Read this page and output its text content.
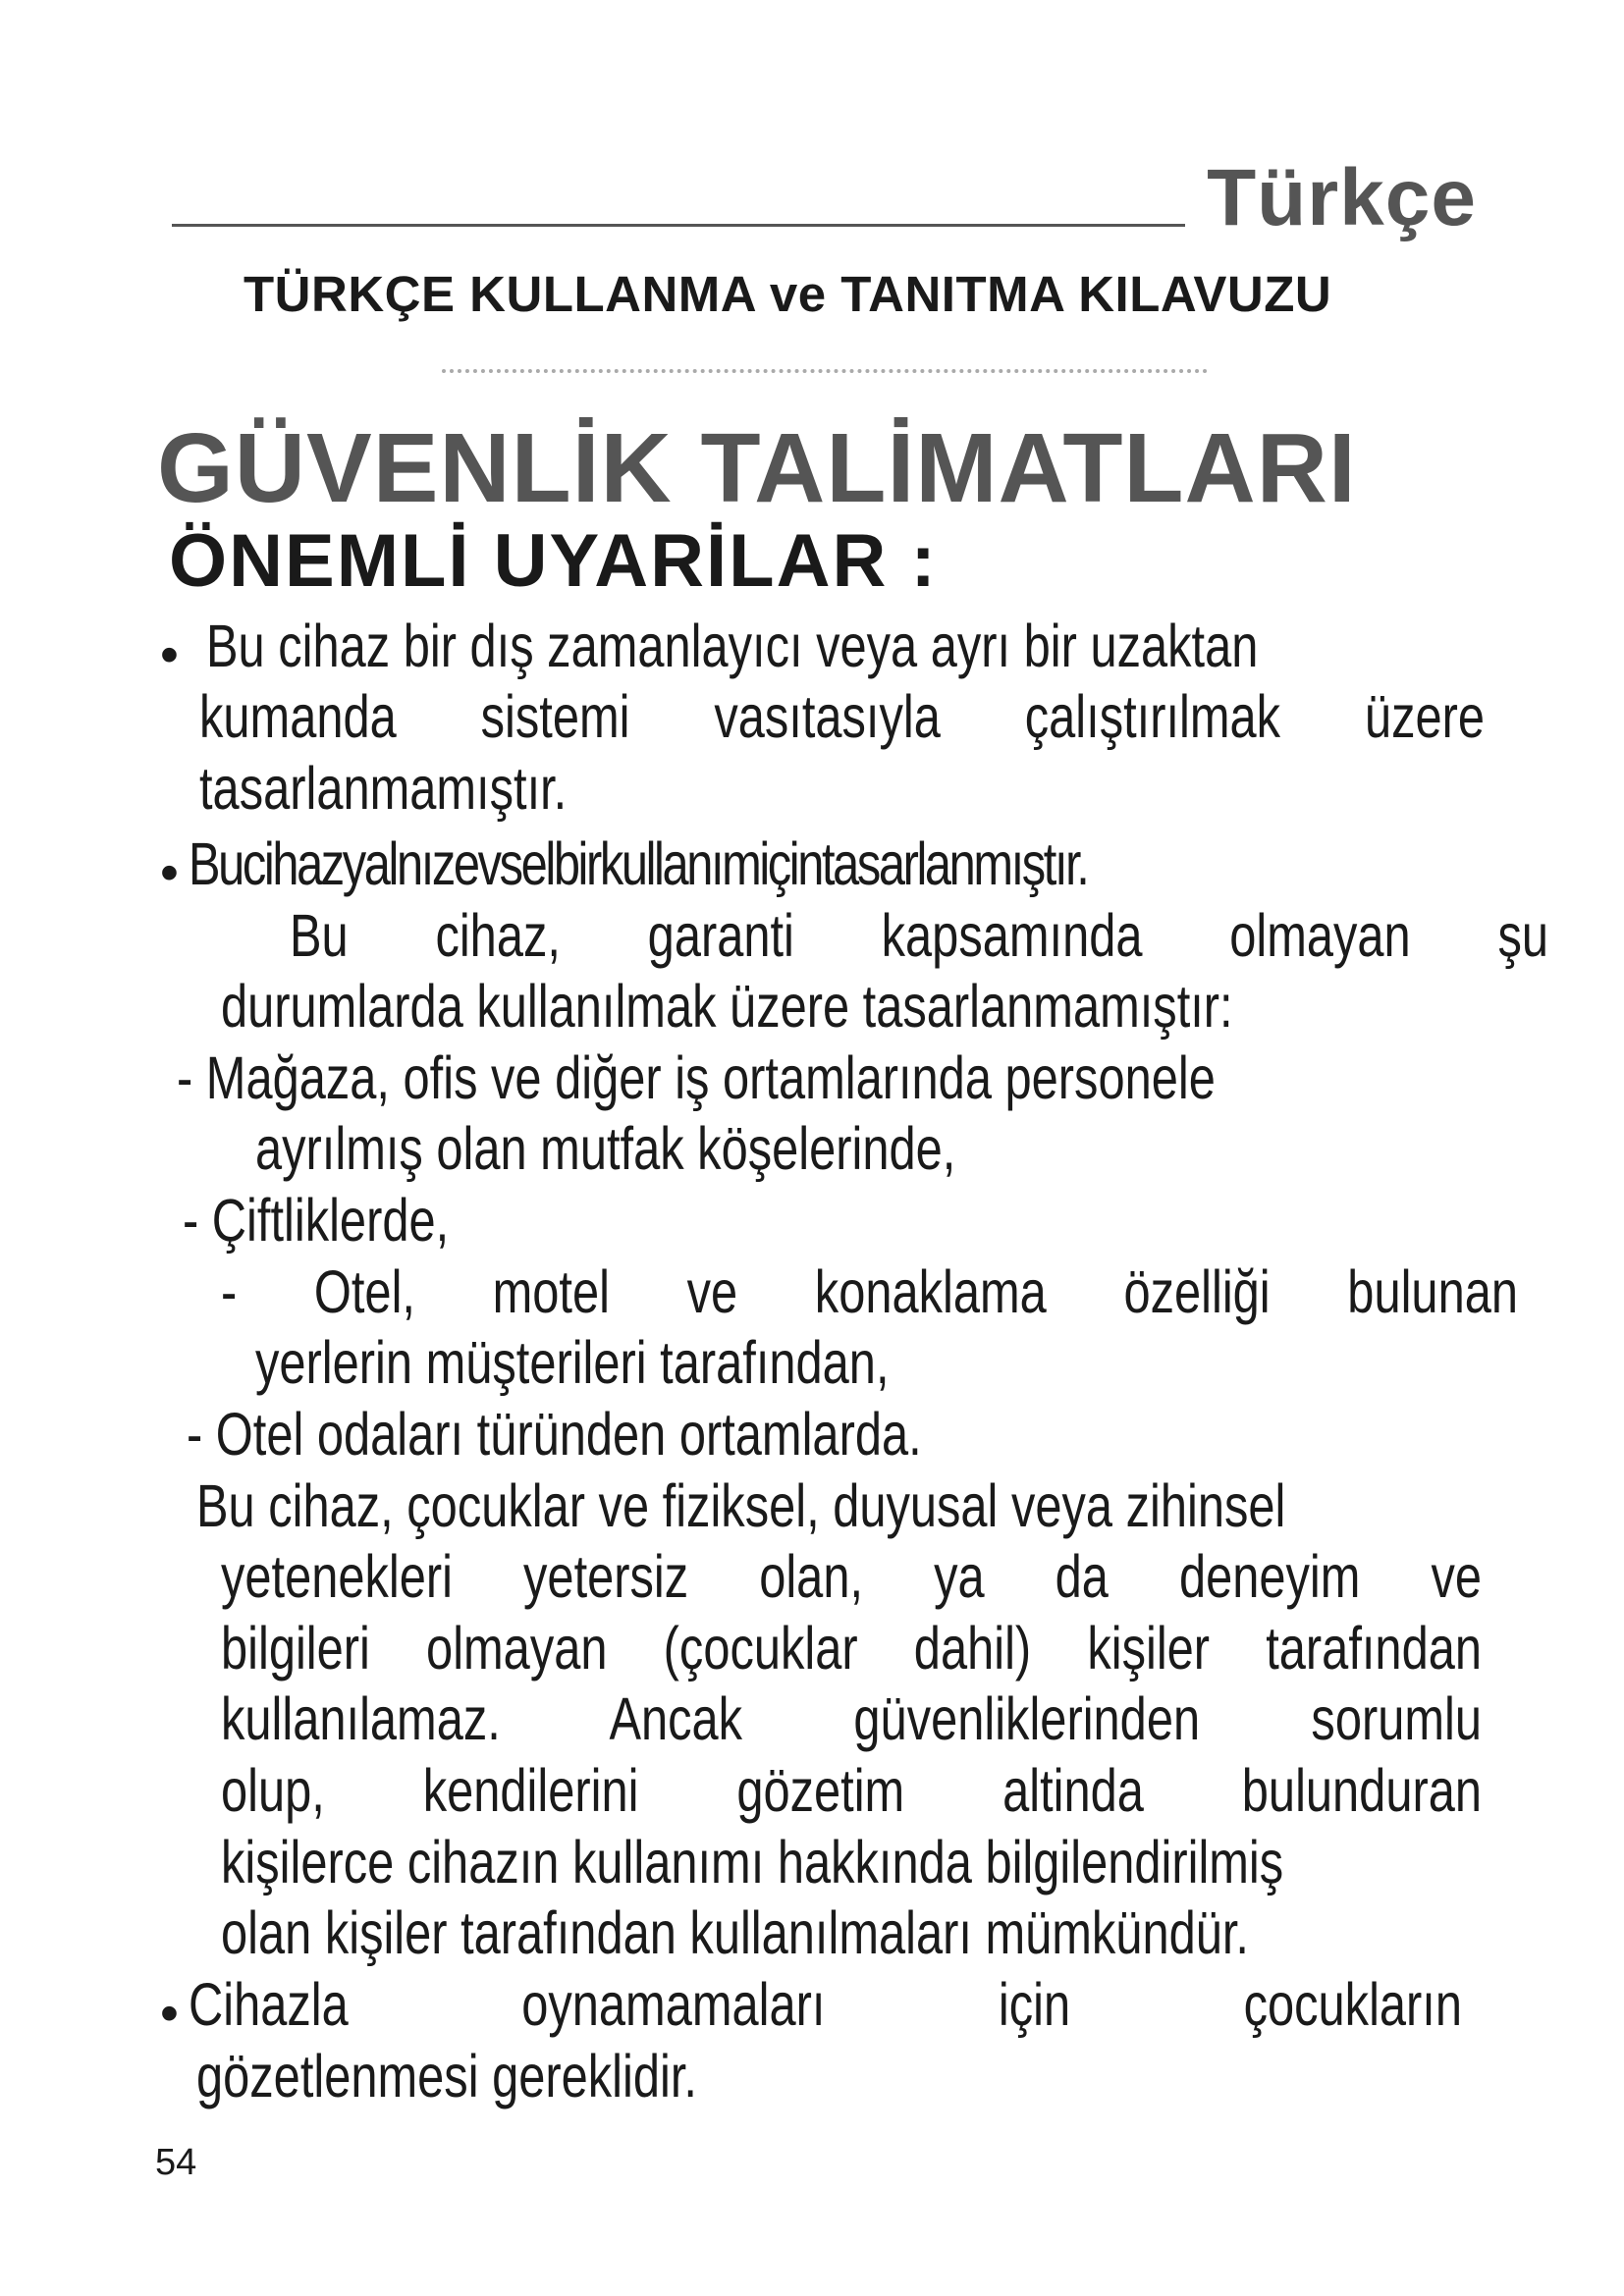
Türkçe
TÜRKÇE KULLANMA ve TANITMA KILAVUZU
GÜVENLİK TALİMATLARI
ÖNEMLİ UYARİLAR :
• Bu cihaz bir dış zamanlayıcı veya ayrı bir uzaktan
kumanda sistemi vasıtasıyla çalıştırılmak üzere
tasarlanmamıştır.
• Bucihazyalnızevselbirkullanımiçintasarlanmıştır.
Bu cihaz, garanti kapsamında olmayan şu
durumlarda kullanılmak üzere tasarlanmamıştır:
- Mağaza, ofis ve diğer iş ortamlarında personele
ayrılmış olan mutfak köşelerinde,
- Çiftliklerde,
- Otel, motel ve konaklama özelliği bulunan
yerlerin müşterileri tarafından,
- Otel odaları türünden ortamlarda.
Bu cihaz, çocuklar ve fiziksel, duyusal veya zihinsel
yetenekleri yetersiz olan, ya da deneyim ve
bilgileri olmayan (çocuklar dahil) kişiler tarafından
kullanılamaz. Ancak güvenliklerinden sorumlu
olup, kendilerini gözetim altinda bulunduran
kişilerce cihazın kullanımı hakkında bilgilendirilmiş
olan kişiler tarafından kullanılmaları mümkündür.
• Cihazla oynamamaları için çocukların
gözetlenmesi gereklidir.
54
